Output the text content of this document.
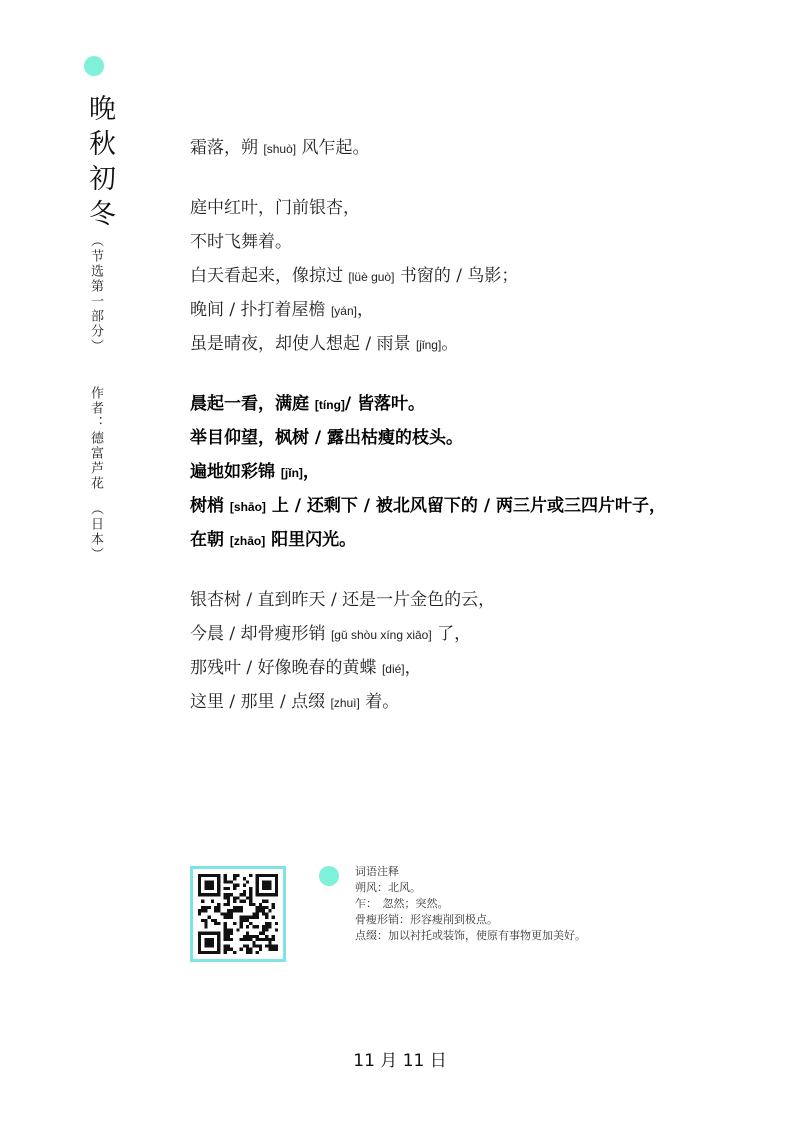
晚秋初冬
︵节选第一部分︶
作者：德富芦花
︵日本︶
霜落，朔 [shuò] 风乍起。
庭中红叶，门前银杏，
不时飞舞着。
白天看起来，像掠过 [lüè guò] 书窗的 / 鸟影；
晚间 / 扑打着屋檐 [yán]，
虽是晴夜，却使人想起 / 雨景 [jǐng]。
晨起一看，满庭 [tíng]/ 皆落叶。
举目仰望，枫树 / 露出枯瘦的枝头。
遍地如彩锦 [jǐn]，
树梢 [shāo] 上 / 还剩下 / 被北风留下的 / 两三片或三四片叶子，
在朝 [zhāo] 阳里闪光。
银杏树 / 直到昨天 / 还是一片金色的云，
今晨 / 却骨瘦形销 [gǔ shòu xíng xiāo] 了，
那残叶 / 好像晚春的黄蝶 [dié]，
这里 / 那里 / 点缀 [zhuì] 着。
词语注释
朔风：北风。
乍：　忽然；突然。
骨瘦形销：形容瘦削到极点。
点缀：加以衬托或装饰，使原有事物更加美好。
11 月 11 日
